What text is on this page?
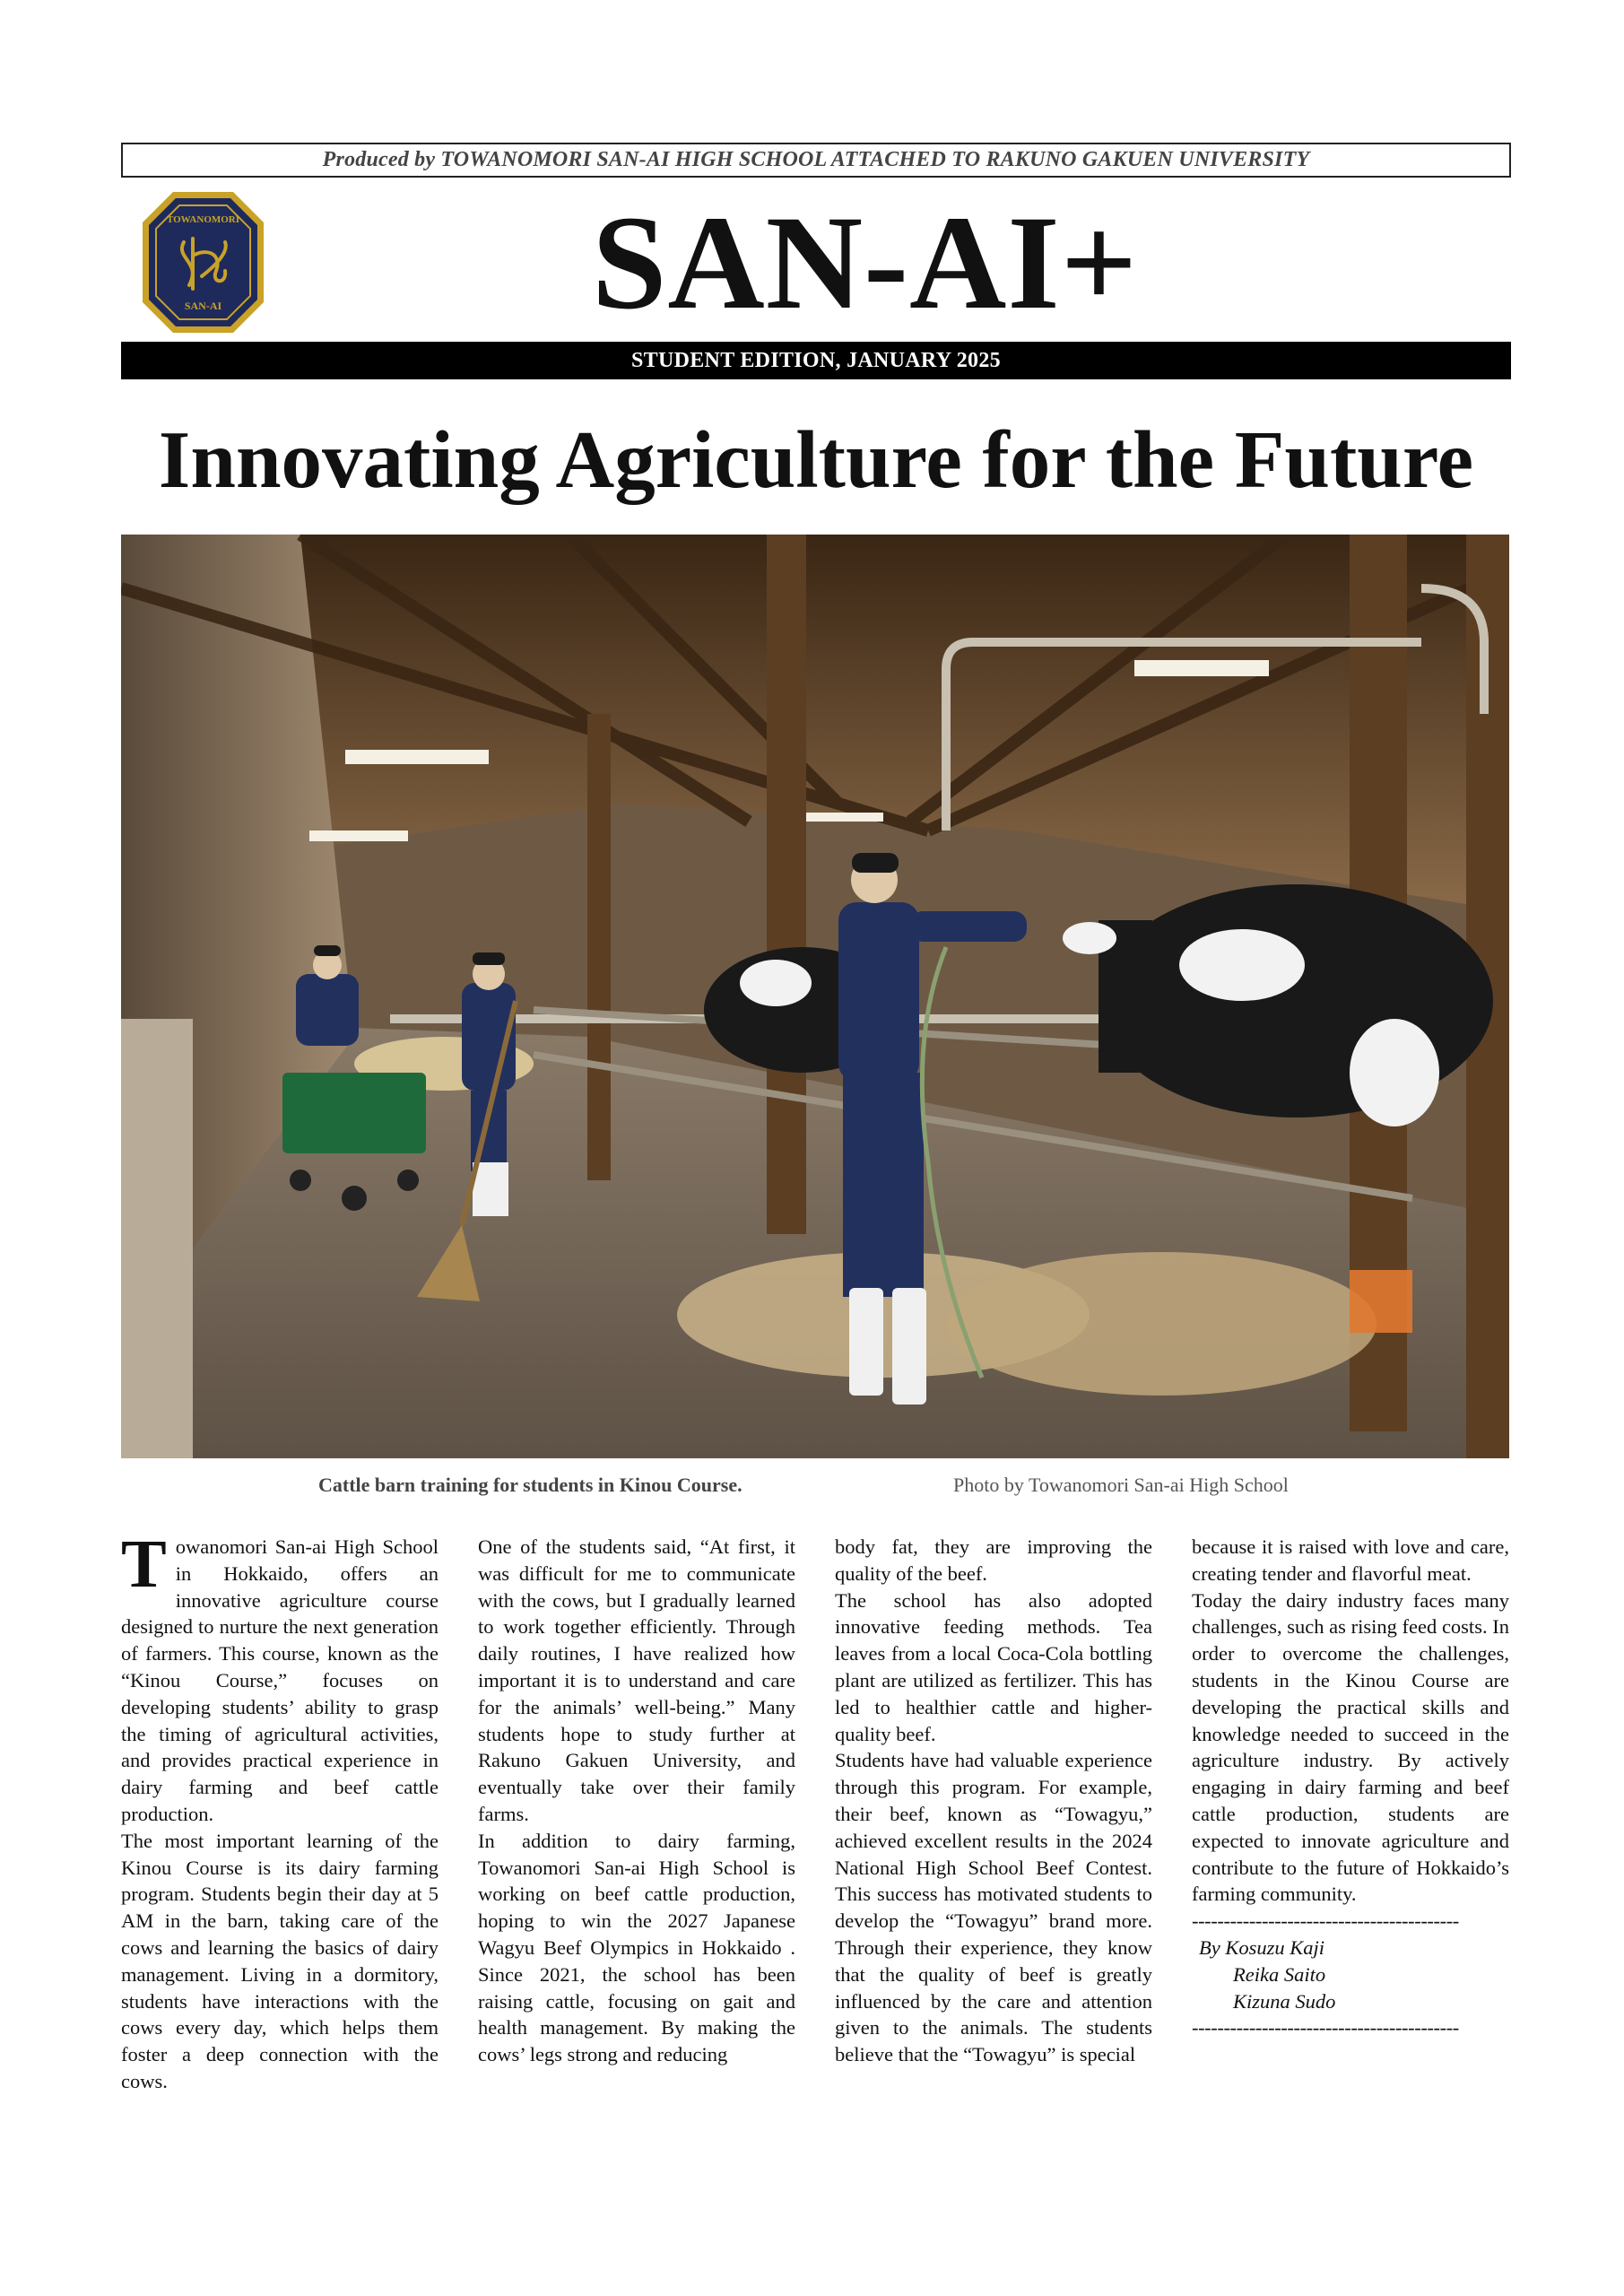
Produced by TOWANOMORI SAN-AI HIGH SCHOOL ATTACHED TO RAKUNO GAKUEN UNIVERSITY
TOWANOMORI
SAN-AI	SAN-AI+
STUDENT EDITION, JANUARY 2025
Innovating Agriculture for the Future
Cattle barn training for students in Kinou Course.	Photo by Towanomori San-ai High School

Towanomori San-ai High School in Hokkaido, offers an innovative agriculture course designed to nurture the next generation of farmers. This course, known as the “Kinou Course,” focuses on developing students’ ability to grasp the timing of agricultural activities, and provides practical experience in dairy farming and beef cattle production.

The most important learning of the Kinou Course is its dairy farming program. Students begin their day at 5 AM in the barn, taking care of the cows and learning the basics of dairy management. Living in a dormitory, students have interactions with the cows every day, which helps them foster a deep connection with the cows.

One of the students said, “At first, it was difficult for me to communicate with the cows, but I gradually learned to work together efficiently. Through daily routines, I have realized how important it is to understand and care for the animals’ well-being.” Many students hope to study further at Rakuno Gakuen University, and eventually take over their family farms.

In addition to dairy farming, Towanomori San-ai High School is working on beef cattle production, hoping to win the 2027 Japanese Wagyu Beef Olympics in Hokkaido . Since 2021, the school has been raising cattle, focusing on gait and health management. By making the cows’ legs strong and reducing

body fat, they are improving the quality of the beef.

The school has also adopted innovative feeding methods. Tea leaves from a local Coca-Cola bottling plant are utilized as fertilizer. This has led to healthier cattle and higher-quality beef.

Students have had valuable experience through this program. For example, their beef, known as “Towagyu,” achieved excellent results in the 2024 National High School Beef Contest. This success has motivated students to develop the “Towagyu” brand more. Through their experience, they know that the quality of beef is greatly influenced by the care and attention given to the animals. The students believe that the “Towagyu” is special

because it is raised with love and care, creating tender and flavorful meat.

Today the dairy industry faces many challenges, such as rising feed costs. In order to overcome the challenges, students in the Kinou Course are developing the practical skills and knowledge needed to succeed in the agriculture industry. By actively engaging in dairy farming and beef cattle production, students are expected to innovate agriculture and contribute to the future of Hokkaido’s farming community.

------------------------------------------
By Kosuzu Kaji
Reika Saito
Kizuna Sudo
------------------------------------------
